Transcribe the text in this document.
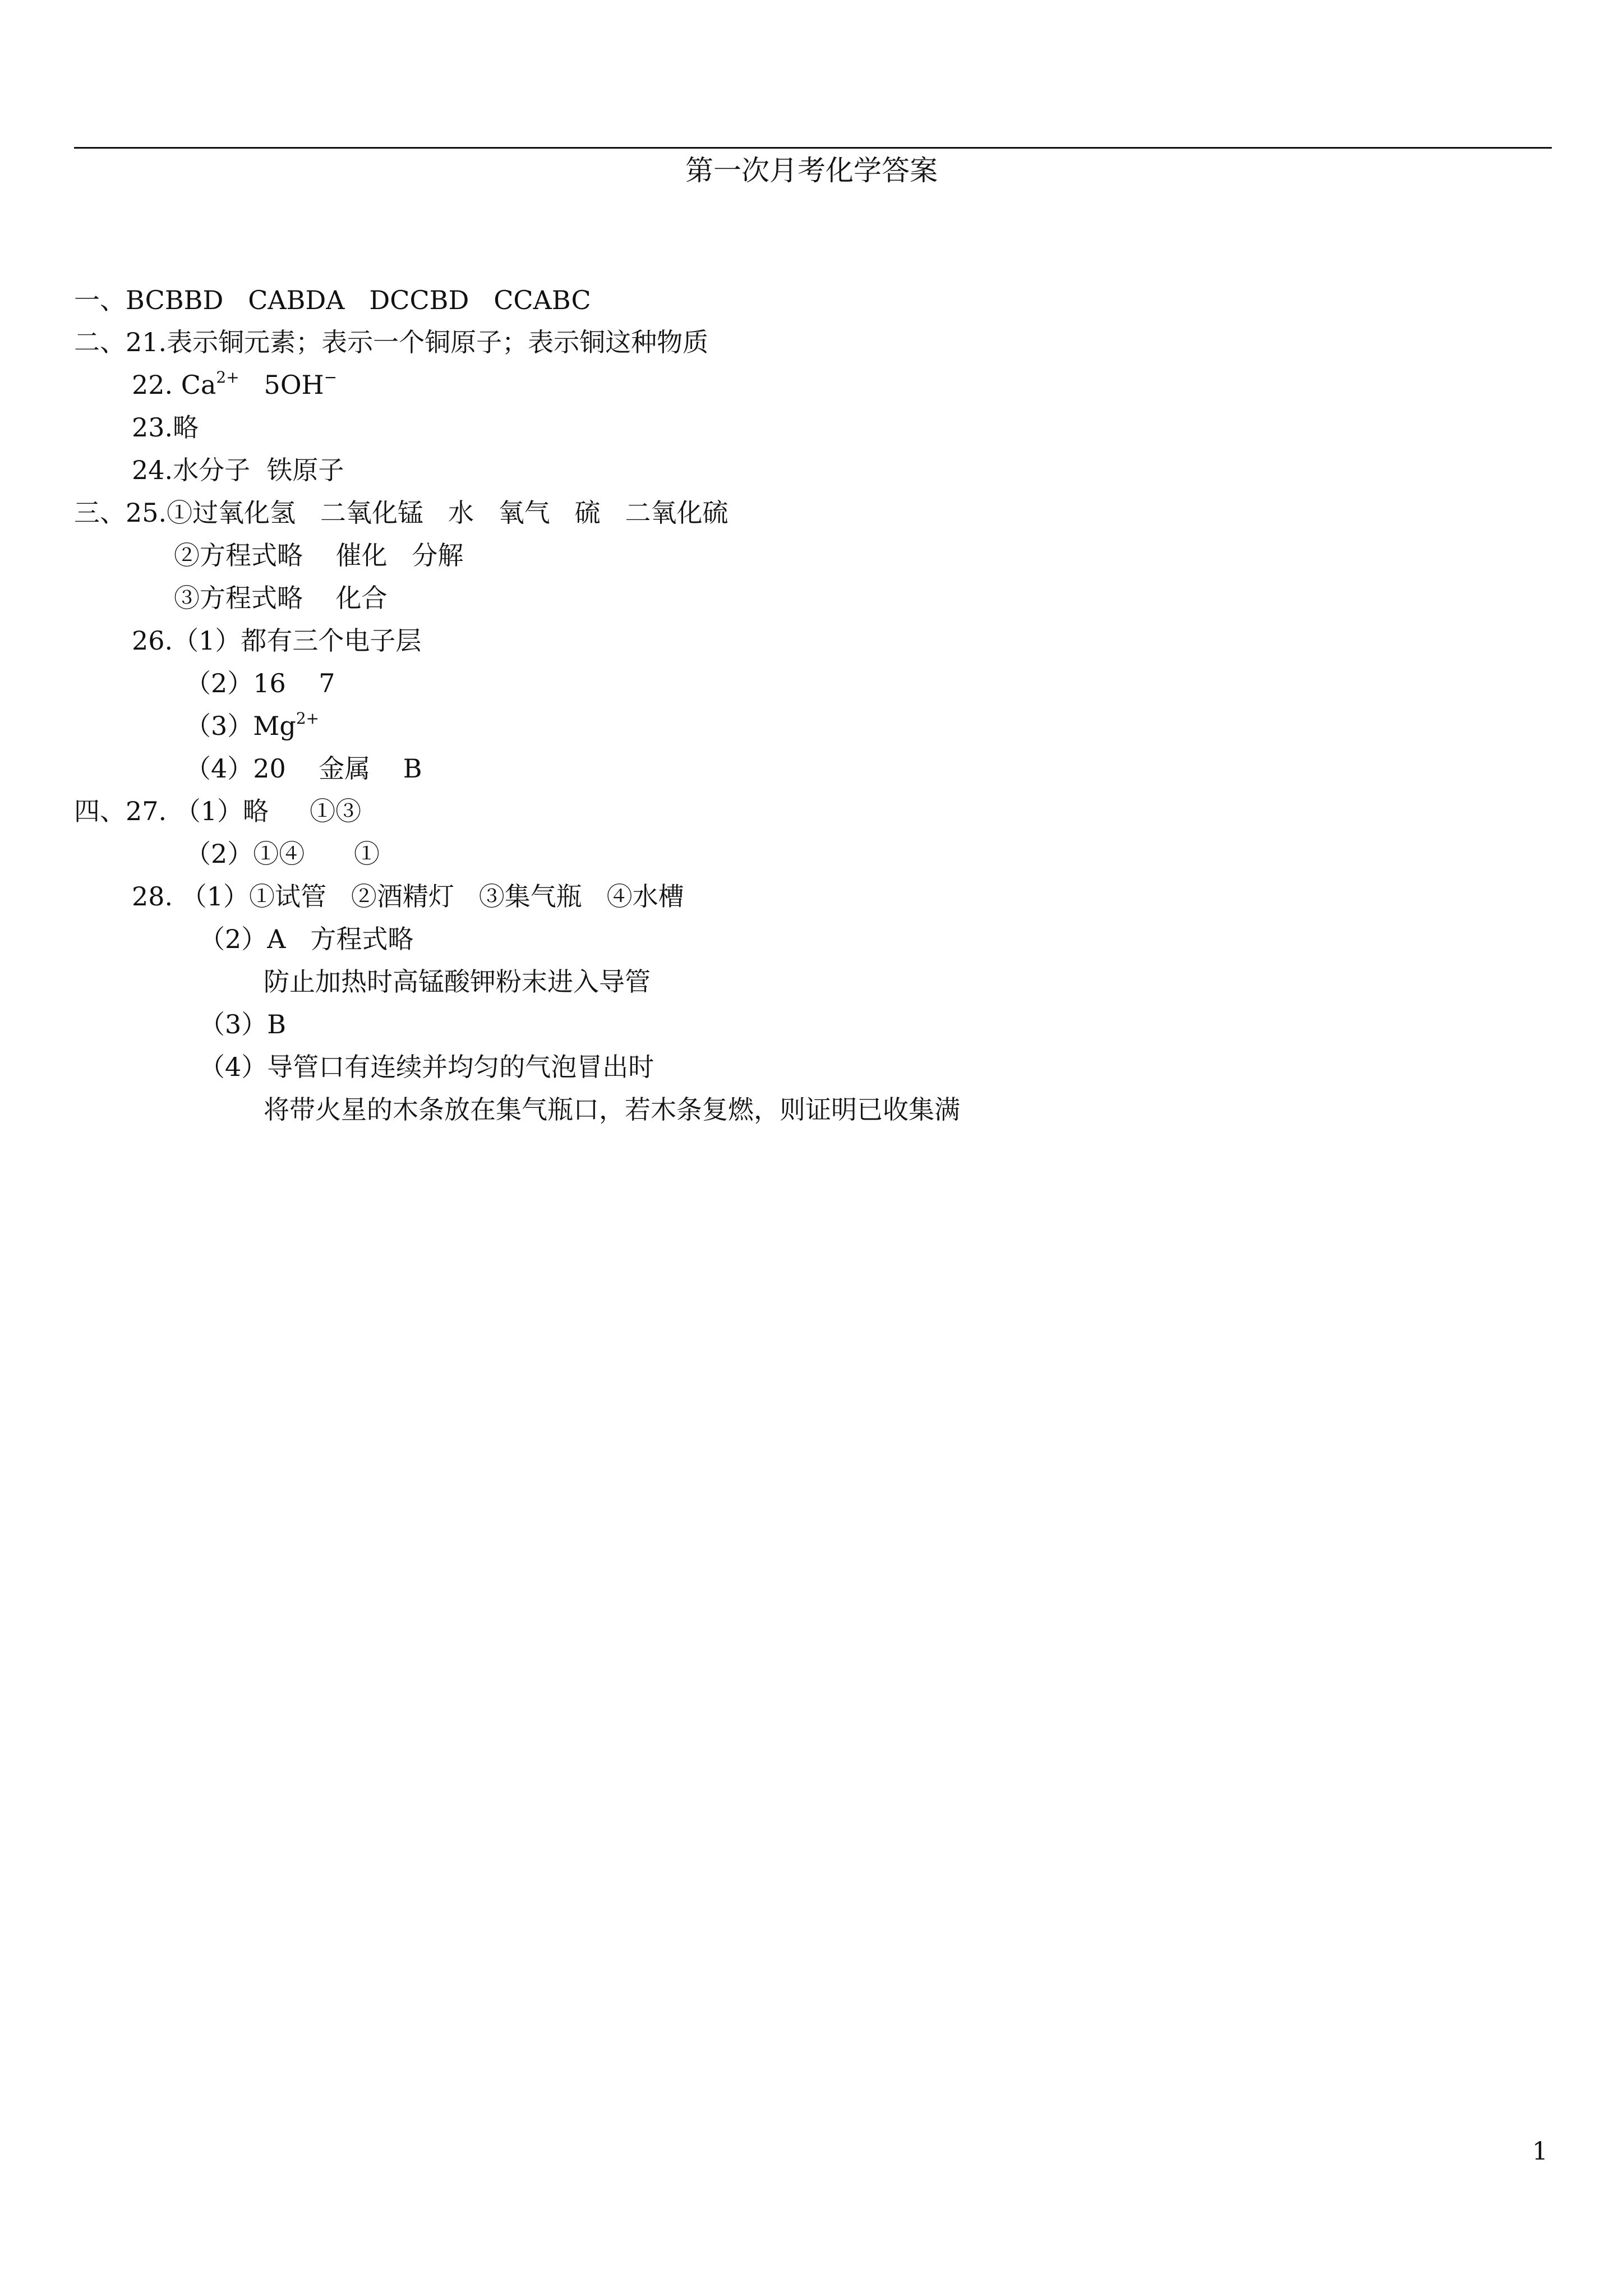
第一次月考化学答案
一、BCBBD   CABDA   DCCBD   CCABC
二、21.表示铜元素；表示一个铜原子；表示铜这种物质
22. $Ca^{2+}$   5OH−
23.略
24.水分子  铁原子
三、25.①过氧化氢   二氧化锰   水   氧气   硫   二氧化硫
②方程式略    催化   分解
③方程式略    化合
26.（1）都有三个电子层
（2）16    7
$(3)Mg^{2+}$
（4）20    金属    B
四、27. （1）略     ①③
（2）①④      ①
28. （1）①试管   ②酒精灯   ③集气瓶   ④水槽
（2）A   方程式略
防止加热时高锰酸钾粉末进入导管
（3）B
（4）导管口有连续并均匀的气泡冒出时
将带火星的木条放在集气瓶口，若木条复燃，则证明已收集满
1
